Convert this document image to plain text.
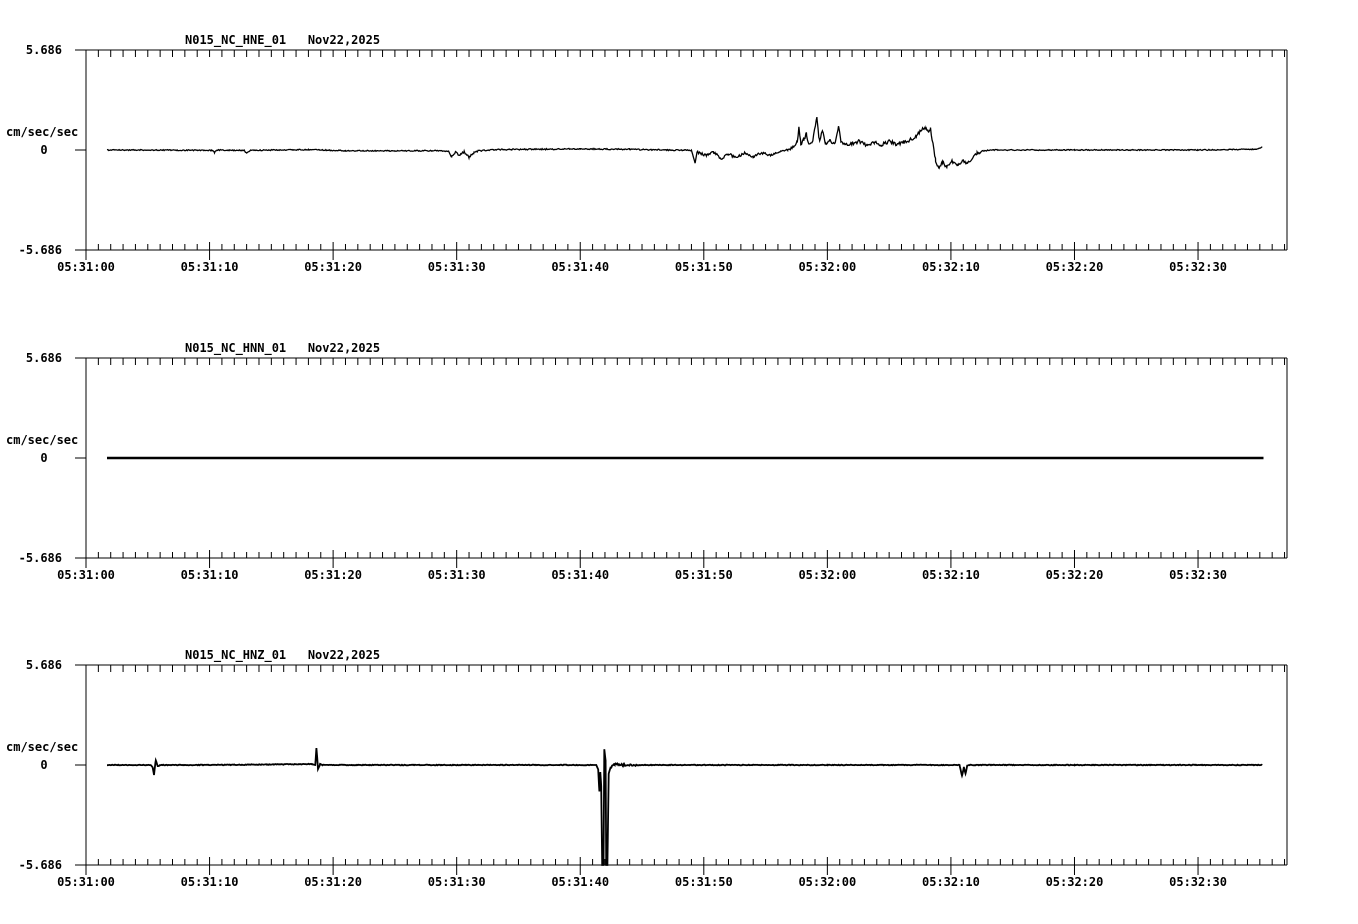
N015_NC_HNE_01   Nov22,2025
5.686
cm/sec/sec
0
-5.686
05:31:00	05:31:10	05:31:20	05:31:30	05:31:40	05:31:50	05:32:00	05:32:10	05:32:20	05:32:30
N015_NC_HNN_01   Nov22,2025
5.686
cm/sec/sec
0
-5.686
05:31:00	05:31:10	05:31:20	05:31:30	05:31:40	05:31:50	05:32:00	05:32:10	05:32:20	05:32:30
N015_NC_HNZ_01   Nov22,2025
5.686
cm/sec/sec
0
-5.686
05:31:00	05:31:10	05:31:20	05:31:30	05:31:40	05:31:50	05:32:00	05:32:10	05:32:20	05:32:30
